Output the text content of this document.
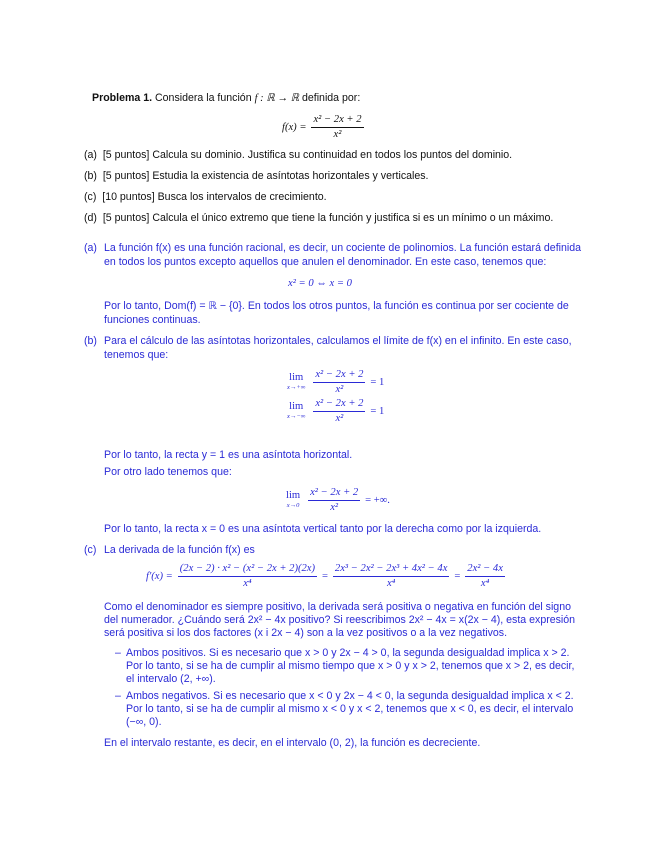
Problema 1. Considera la función f : ℝ → ℝ definida por:
$f(x) = \frac{\text{x² − 2x + 2}}{\text{x²}}$
(a) [5 puntos] Calcula su dominio. Justifica su continuidad en todos los puntos del dominio.
(b) [5 puntos] Estudia la existencia de asíntotas horizontales y verticales.
(c) [10 puntos] Busca los intervalos de crecimiento.
(d) [5 puntos] Calcula el único extremo que tiene la función y justifica si es un mínimo o un máximo.
(a) La función f(x) es una función racional, es decir, un cociente de polinomios. La función estará definida
en todos los puntos excepto aquellos que anulen el denominador. En este caso, tenemos que:
x² = 0 ⇔ x = 0
Por lo tanto, Dom(f) = ℝ − {0}. En todos los otros puntos, la función es continua por ser cociente de
funciones continuas.
(b) Para el cálculo de las asíntotas horizontales, calculamos el límite de f(x) en el infinito. En este caso,
tenemos que:
lim
x→+∞
$\frac{\text{x² − 2x + 2}}{\text{x²}} = 1$
lim
x→−∞
$\frac{\text{x² − 2x + 2}}{\text{x²}} = 1$
Por lo tanto, la recta y = 1 es una asíntota horizontal.
Por otro lado tenemos que:
lim
x→0
$\frac{\text{x² − 2x + 2}}{\text{x²}}$ = +∞.
Por lo tanto, la recta x = 0 es una asíntota vertical tanto por la derecha como por la izquierda.
(c) La derivada de la función f(x) es
$f'(x) = \frac{\text{(2x − 2) · x² − (x² − 2x + 2)(2x)}}{\text{x⁴}} = \frac{\text{2x³ − 2x² − 2x³ + 4x² − 4x}}{\text{x⁴}} = \frac{\text{2x² − 4x}}{\text{x⁴}}$
Como el denominador es siempre positivo, la derivada será positiva o negativa en función del signo
del numerador. ¿Cuándo será 2x² − 4x positivo? Si reescribimos 2x² − 4x = x(2x − 4), esta expresión
será positiva si los dos factores (x i 2x − 4) son a la vez positivos o a la vez negativos.
– Ambos positivos. Si es necesario que x > 0 y 2x − 4 > 0, la segunda desigualdad implica x > 2.
Por lo tanto, si se ha de cumplir al mismo tiempo que x > 0 y x > 2, tenemos que x > 2, es decir,
el intervalo (2, +∞).
– Ambos negativos. Si es necesario que x < 0 y 2x − 4 < 0, la segunda desigualdad implica x < 2.
Por lo tanto, si se ha de cumplir al mismo x < 0 y x < 2, tenemos que x < 0, es decir, el intervalo
(−∞, 0).
En el intervalo restante, es decir, en el intervalo (0, 2), la función es decreciente.
